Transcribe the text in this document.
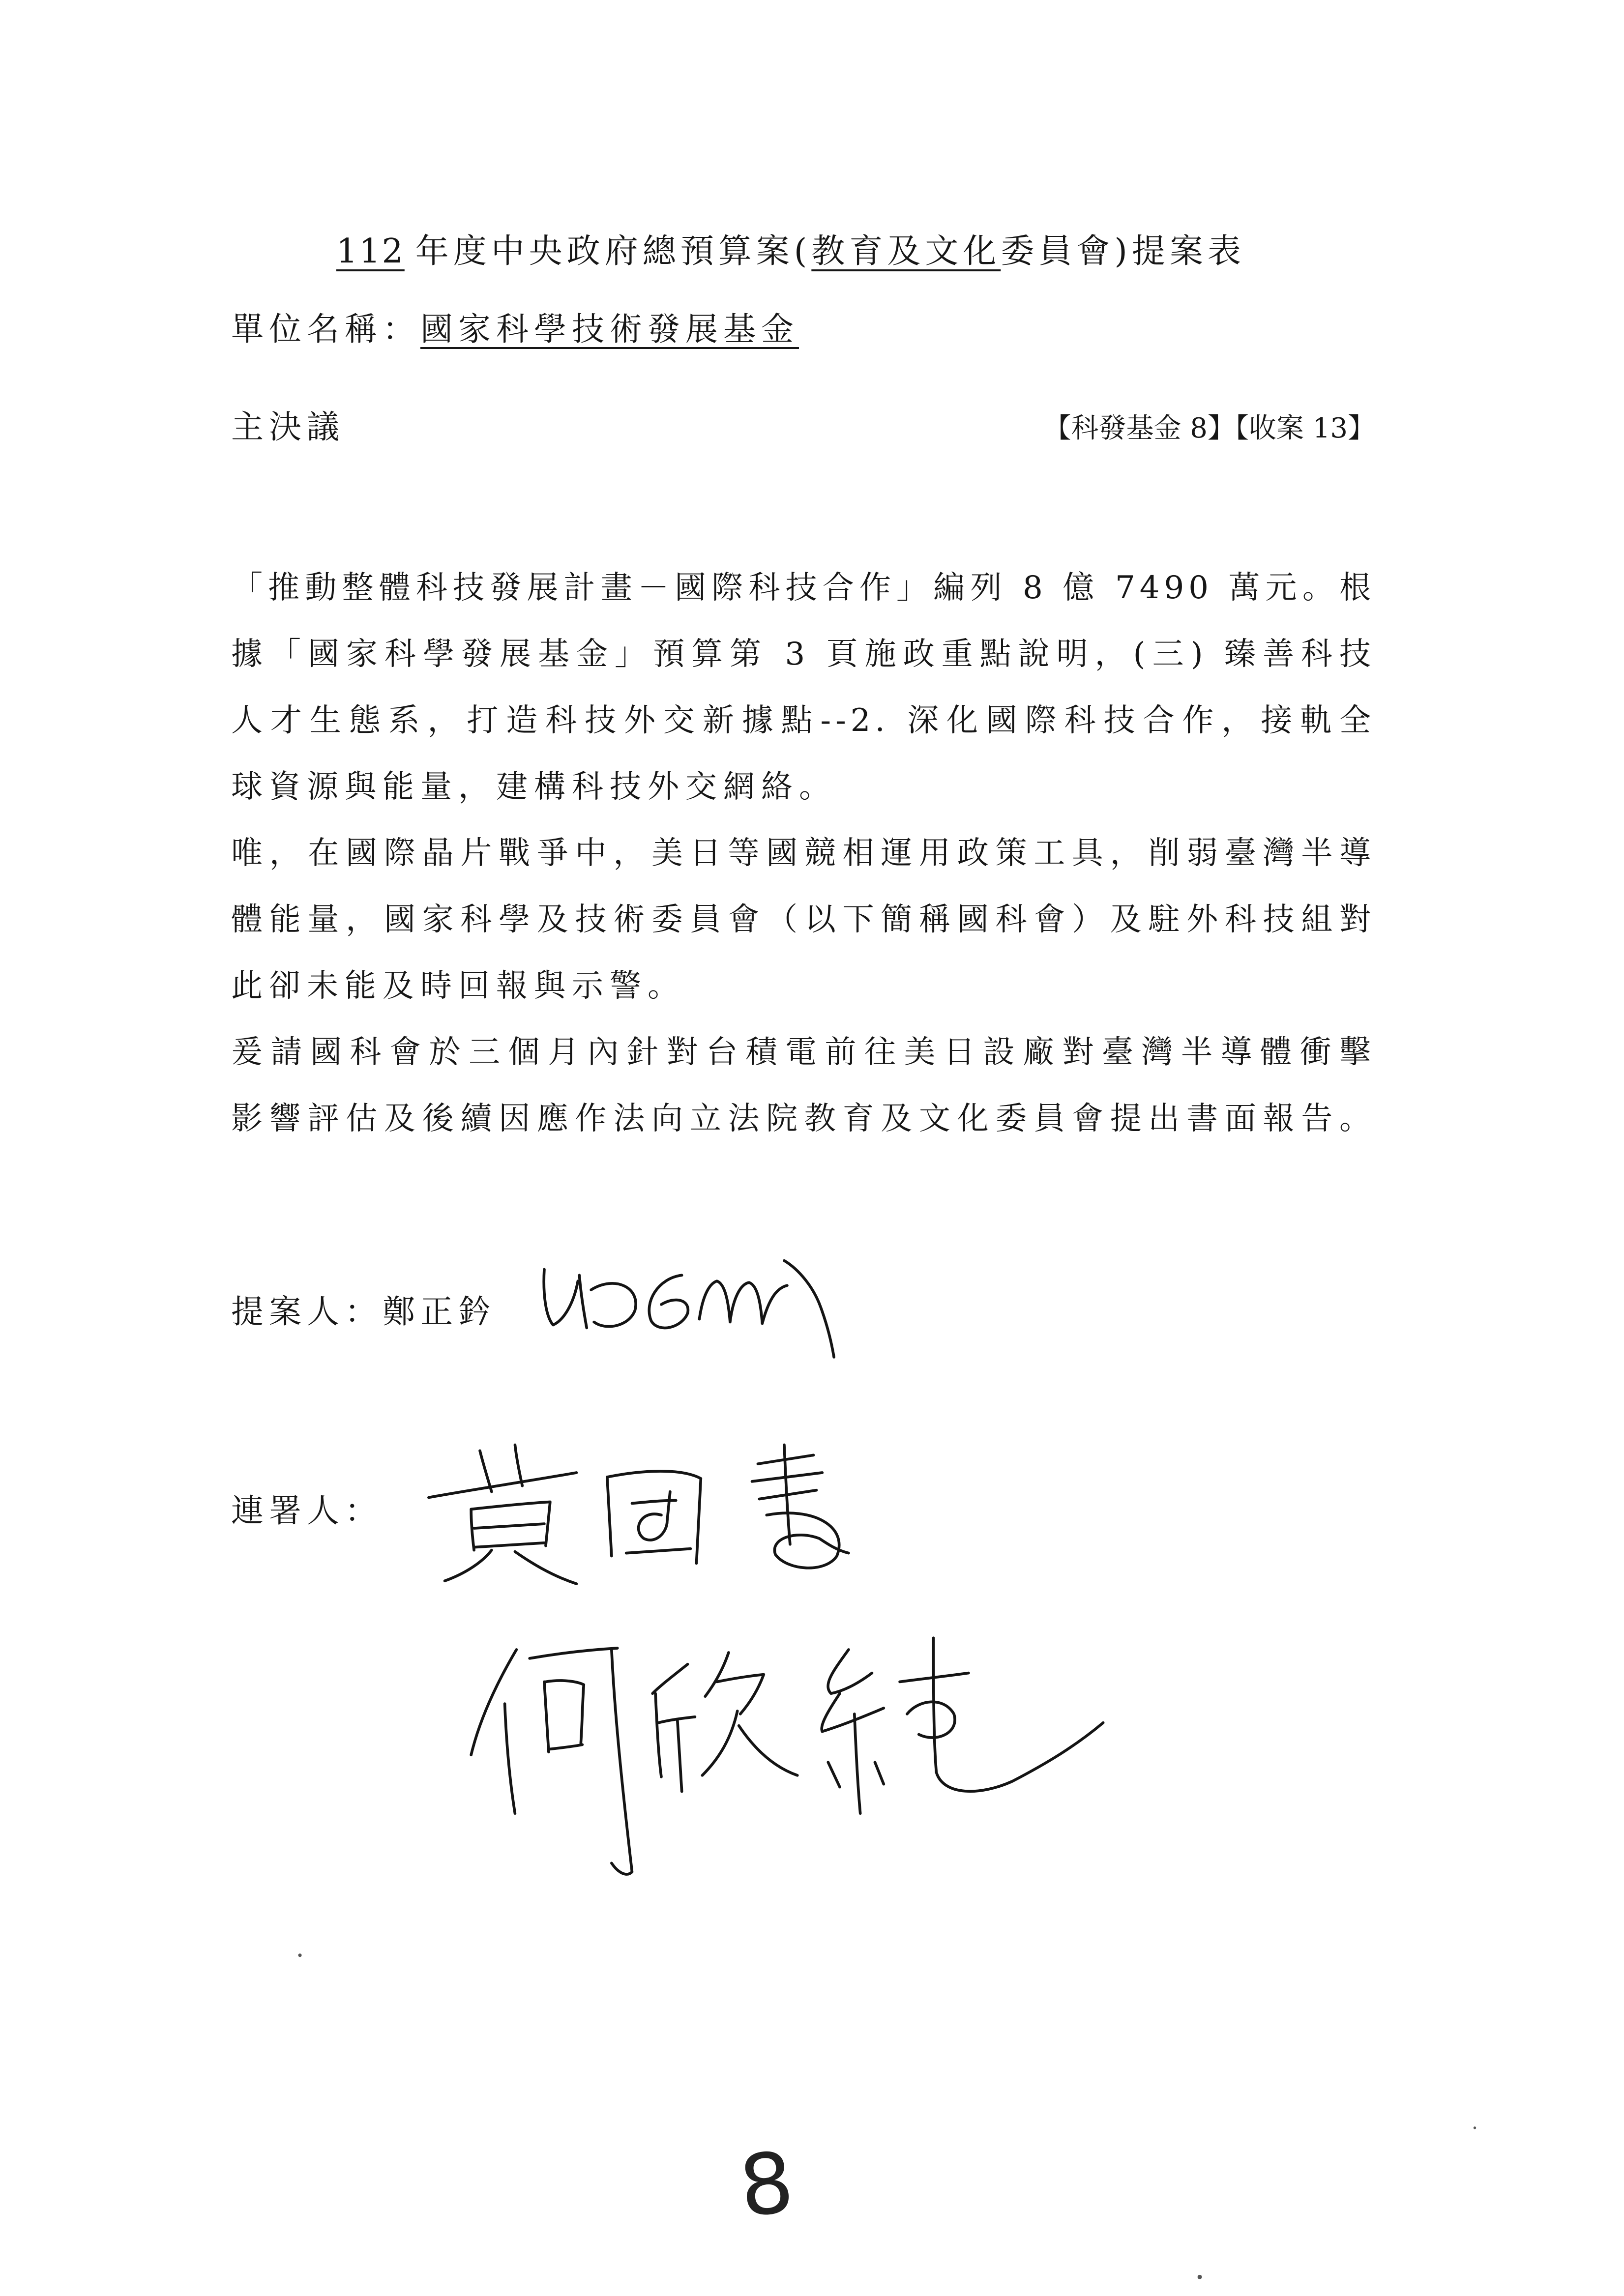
112 年度中央政府總預算案(教育及文化委員會)提案表
單位名稱：國家科學技術發展基金
主決議	【科發基金 8】【收案 13】
「推動整體科技發展計畫－國際科技合作」編列 8 億 7490 萬元。根
據「國家科學發展基金」預算第 3 頁施政重點說明，(三) 臻善科技
人才生態系，打造科技外交新據點--2. 深化國際科技合作，接軌全
球資源與能量，建構科技外交網絡。
唯，在國際晶片戰爭中，美日等國競相運用政策工具，削弱臺灣半導
體能量，國家科學及技術委員會（以下簡稱國科會）及駐外科技組對
此卻未能及時回報與示警。
爰請國科會於三個月內針對台積電前往美日設廠對臺灣半導體衝擊
影響評估及後續因應作法向立法院教育及文化委員會提出書面報告。
提案人：鄭正鈐
連署人：
8
